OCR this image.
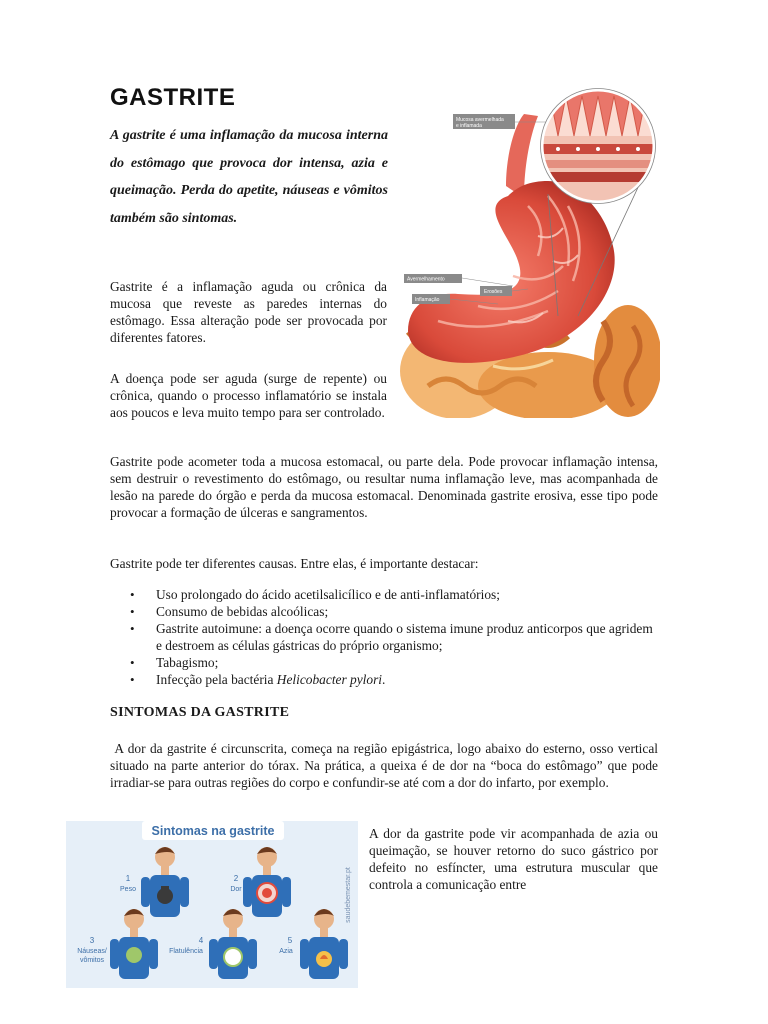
GASTRITE
A gastrite é uma inflamação da mucosa interna do estômago que provoca dor intensa, azia e queimação. Perda do apetite, náuseas e vômitos também são sintomas.
Gastrite é a inflamação aguda ou crônica da mucosa que reveste as paredes internas do estômago. Essa alteração pode ser provocada por diferentes fatores.
A doença pode ser aguda (surge de repente) ou crônica, quando o processo inflamatório se instala aos poucos e leva muito tempo para ser controlado.
Gastrite pode acometer toda a mucosa estomacal, ou parte dela. Pode provocar inflamação intensa, sem destruir o revestimento do estômago, ou resultar numa inflamação leve, mas acompanhada de lesão na parede do órgão e perda da mucosa estomacal. Denominada gastrite erosiva, esse tipo pode provocar a formação de úlceras e sangramentos.
Gastrite pode ter diferentes causas. Entre elas, é importante destacar:
• Uso prolongado do ácido acetilsalicílico e de anti-inflamatórios;
• Consumo de bebidas alcoólicas;
• Gastrite autoimune: a doença ocorre quando o sistema imune produz anticorpos que agridem e destroem as células gástricas do próprio organismo;
• Tabagismo;
• Infecção pela bactéria Helicobacter pylori.
SINTOMAS DA GASTRITE
A dor da gastrite é circunscrita, começa na região epigástrica, logo abaixo do esterno, osso vertical situado na parte anterior do tórax. Na prática, a queixa é de dor na “boca do estômago” que pode irradiar-se para outras regiões do corpo e confundir-se até com a dor do infarto, por exemplo.
A dor da gastrite pode vir acompanhada de azia ou queimação, se houver retorno do suco gástrico por defeito no esfíncter, uma estrutura muscular que controla a comunicação entre
Mucosa avermelhada
e inflamada
Avermelhamento
Erosões
Inflamação
Sintomas na gastrite
saudebemestar.pt
1
Peso
2
Dor
3
Náuseas/
vômitos
4
Flatulência
5
Azia
